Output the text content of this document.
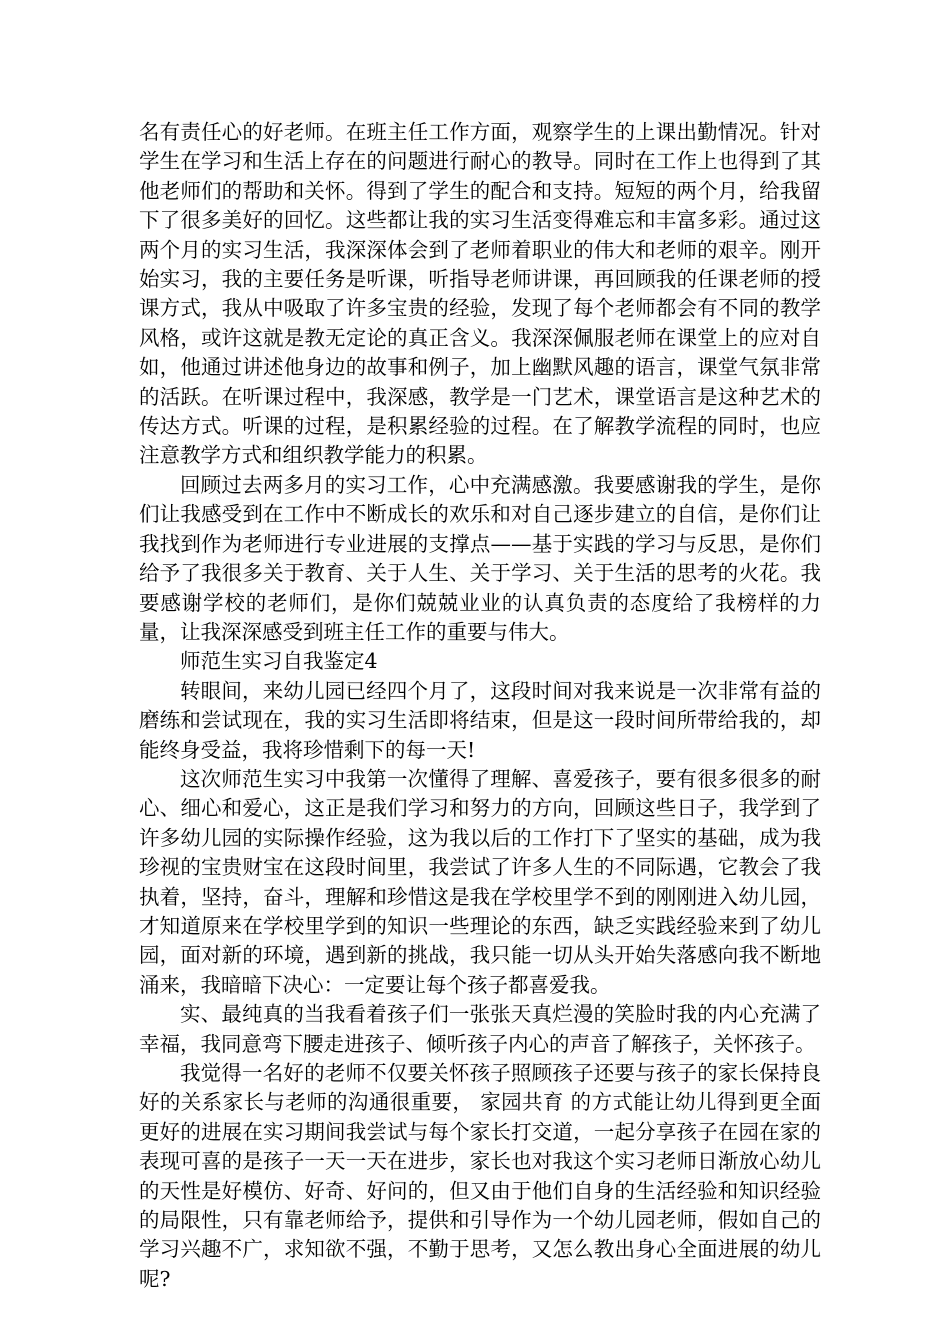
名有责任心的好老师。在班主任工作方面，观察学生的上课出勤情况。针对学生在学习和生活上存在的问题进行耐心的教导。同时在工作上也得到了其他老师们的帮助和关怀。得到了学生的配合和支持。短短的两个月，给我留下了很多美好的回忆。这些都让我的实习生活变得难忘和丰富多彩。通过这两个月的实习生活，我深深体会到了老师着职业的伟大和老师的艰辛。刚开始实习，我的主要任务是听课，听指导老师讲课，再回顾我的任课老师的授课方式，我从中吸取了许多宝贵的经验，发现了每个老师都会有不同的教学风格，或许这就是教无定论的真正含义。我深深佩服老师在课堂上的应对自如，他通过讲述他身边的故事和例子，加上幽默风趣的语言，课堂气氛非常的活跃。在听课过程中，我深感，教学是一门艺术，课堂语言是这种艺术的传达方式。听课的过程，是积累经验的过程。在了解教学流程的同时，也应注意教学方式和组织教学能力的积累。

回顾过去两多月的实习工作，心中充满感激。我要感谢我的学生，是你们让我感受到在工作中不断成长的欢乐和对自己逐步建立的自信，是你们让我找到作为老师进行专业进展的支撑点——基于实践的学习与反思，是你们给予了我很多关于教育、关于人生、关于学习、关于生活的思考的火花。我要感谢学校的老师们，是你们兢兢业业的认真负责的态度给了我榜样的力量，让我深深感受到班主任工作的重要与伟大。

师范生实习自我鉴定4

转眼间，来幼儿园已经四个月了，这段时间对我来说是一次非常有益的磨练和尝试现在，我的实习生活即将结束，但是这一段时间所带给我的，却能终身受益，我将珍惜剩下的每一天!

这次师范生实习中我第一次懂得了理解、喜爱孩子，要有很多很多的耐心、细心和爱心，这正是我们学习和努力的方向，回顾这些日子，我学到了许多幼儿园的实际操作经验，这为我以后的工作打下了坚实的基础，成为我珍视的宝贵财宝在这段时间里，我尝试了许多人生的不同际遇，它教会了我执着，坚持，奋斗，理解和珍惜这是我在学校里学不到的刚刚进入幼儿园，才知道原来在学校里学到的知识一些理论的东西，缺乏实践经验来到了幼儿园，面对新的环境，遇到新的挑战，我只能一切从头开始失落感向我不断地涌来，我暗暗下决心：一定要让每个孩子都喜爱我。

实、最纯真的当我看着孩子们一张张天真烂漫的笑脸时我的内心充满了幸福，我同意弯下腰走进孩子、倾听孩子内心的声音了解孩子，关怀孩子。

我觉得一名好的老师不仅要关怀孩子照顾孩子还要与孩子的家长保持良好的关系家长与老师的沟通很重要， 家园共育 的方式能让幼儿得到更全面更好的进展在实习期间我尝试与每个家长打交道，一起分享孩子在园在家的表现可喜的是孩子一天一天在进步，家长也对我这个实习老师日渐放心幼儿的天性是好模仿、好奇、好问的，但又由于他们自身的生活经验和知识经验的局限性，只有靠老师给予，提供和引导作为一个幼儿园老师，假如自己的学习兴趣不广，求知欲不强，不勤于思考，又怎么教出身心全面进展的幼儿呢?
